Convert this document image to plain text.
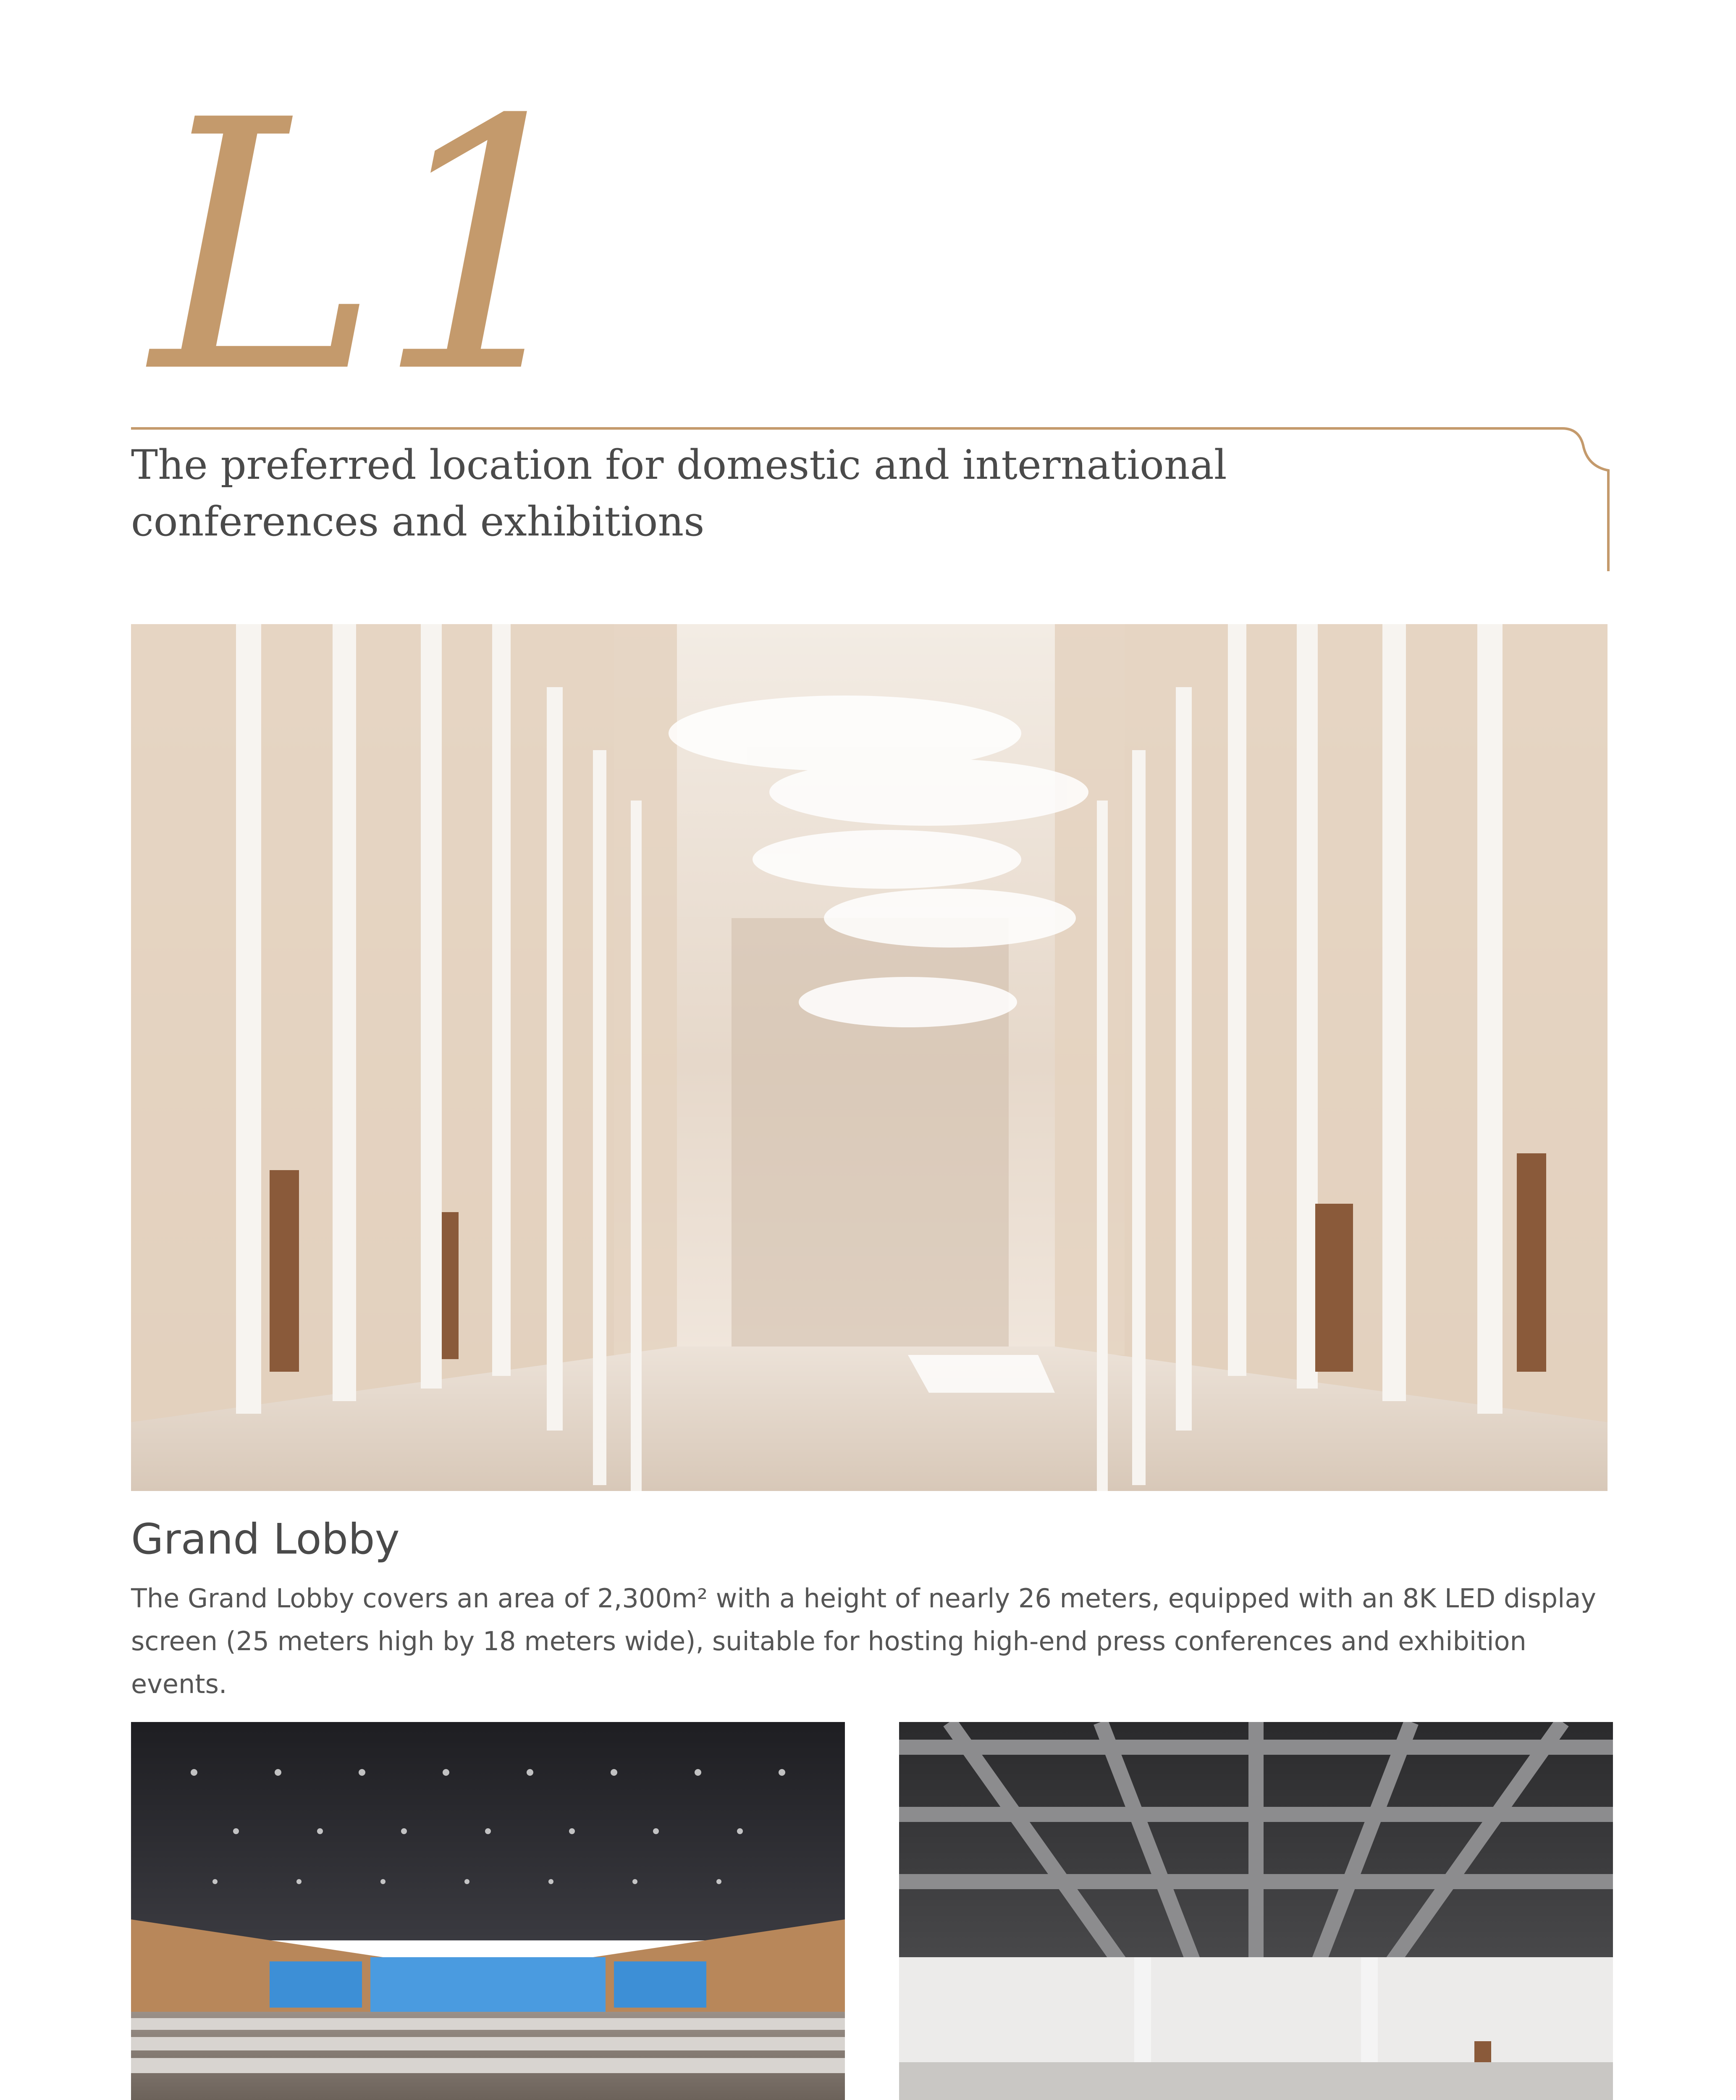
L1
The preferred location for domestic and international conferences and exhibitions
Grand Lobby
The Grand Lobby covers an area of 2,300m² with a height of nearly 26 meters, equipped with an 8K LED display screen (25 meters high by 18 meters wide), suitable for hosting high-end press conferences and exhibition events.
